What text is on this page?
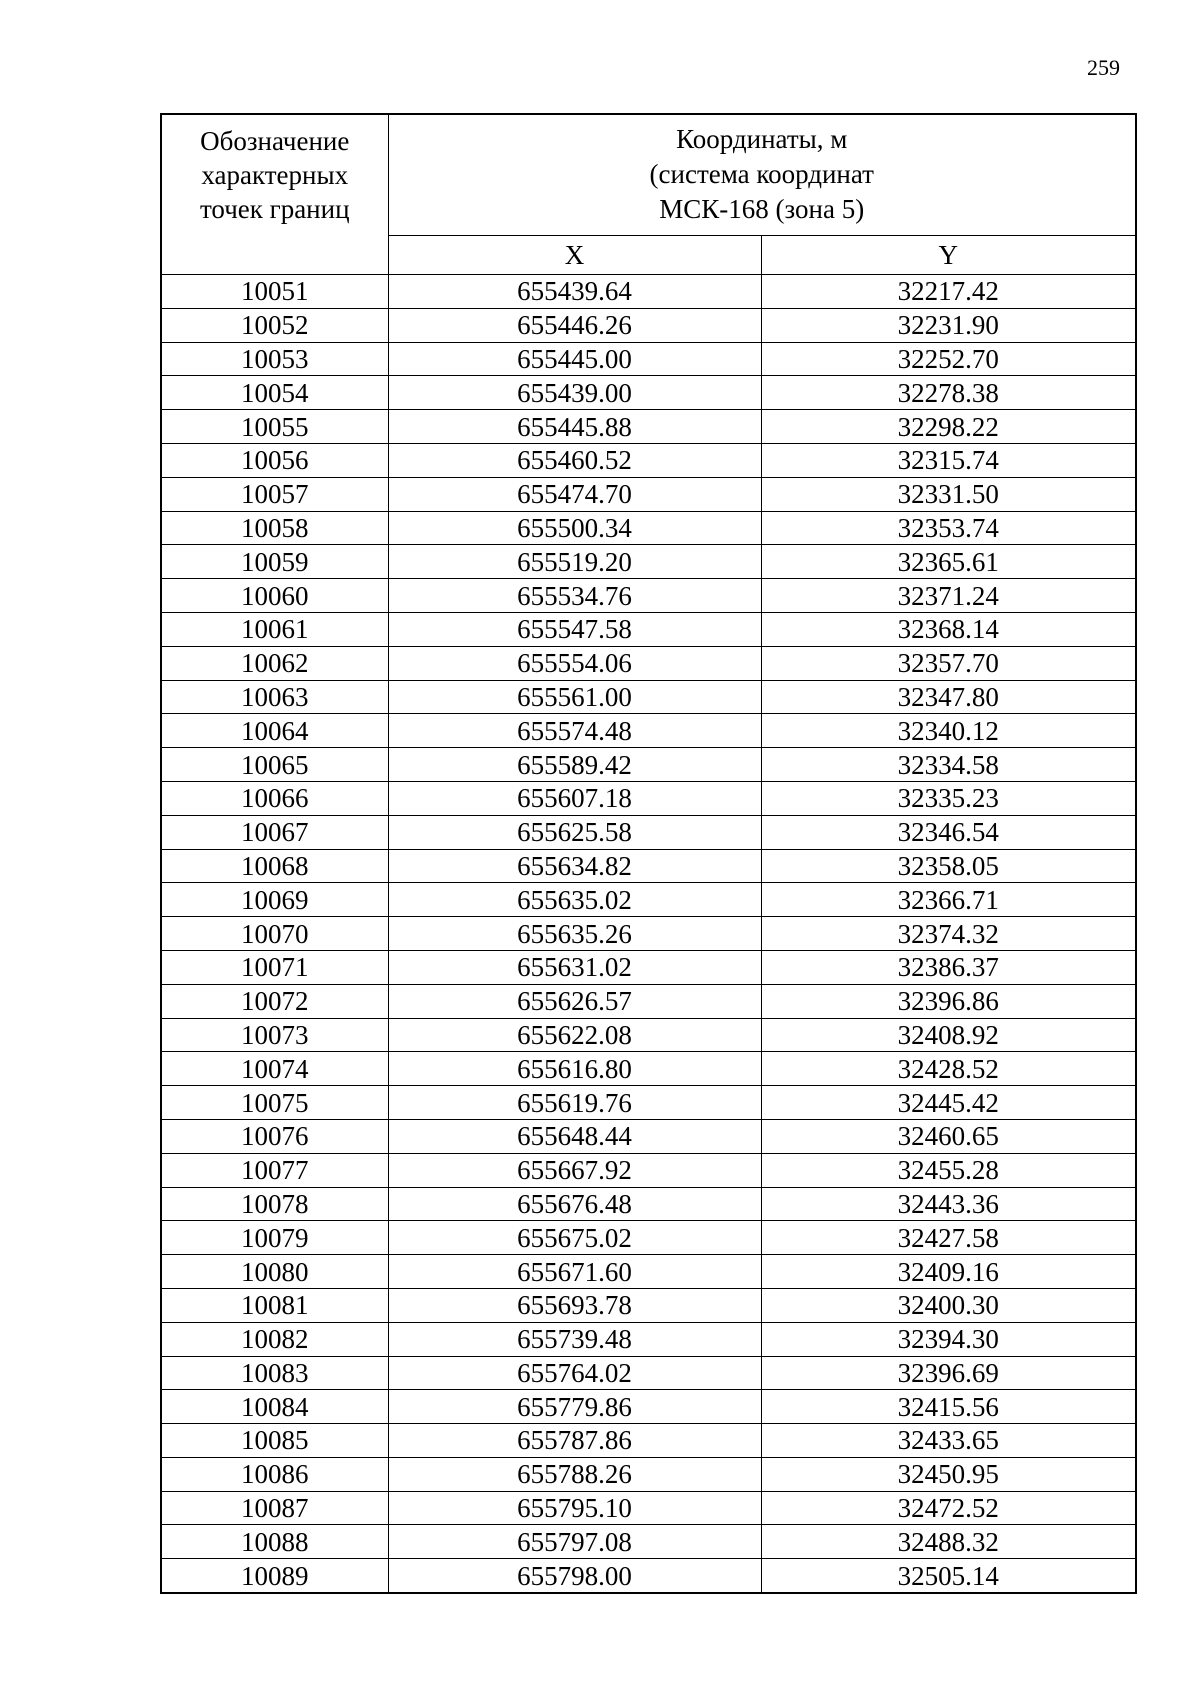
259
Обозначение
характерных
точек границ	Координаты, м
(система координат
МСК-168 (зона 5)	

	X	Y
10051	655439.64	32217.42
10052	655446.26	32231.90
10053	655445.00	32252.70
10054	655439.00	32278.38
10055	655445.88	32298.22
10056	655460.52	32315.74
10057	655474.70	32331.50
10058	655500.34	32353.74
10059	655519.20	32365.61
10060	655534.76	32371.24
10061	655547.58	32368.14
10062	655554.06	32357.70
10063	655561.00	32347.80
10064	655574.48	32340.12
10065	655589.42	32334.58
10066	655607.18	32335.23
10067	655625.58	32346.54
10068	655634.82	32358.05
10069	655635.02	32366.71
10070	655635.26	32374.32
10071	655631.02	32386.37
10072	655626.57	32396.86
10073	655622.08	32408.92
10074	655616.80	32428.52
10075	655619.76	32445.42
10076	655648.44	32460.65
10077	655667.92	32455.28
10078	655676.48	32443.36
10079	655675.02	32427.58
10080	655671.60	32409.16
10081	655693.78	32400.30
10082	655739.48	32394.30
10083	655764.02	32396.69
10084	655779.86	32415.56
10085	655787.86	32433.65
10086	655788.26	32450.95
10087	655795.10	32472.52
10088	655797.08	32488.32
10089	655798.00	32505.14
